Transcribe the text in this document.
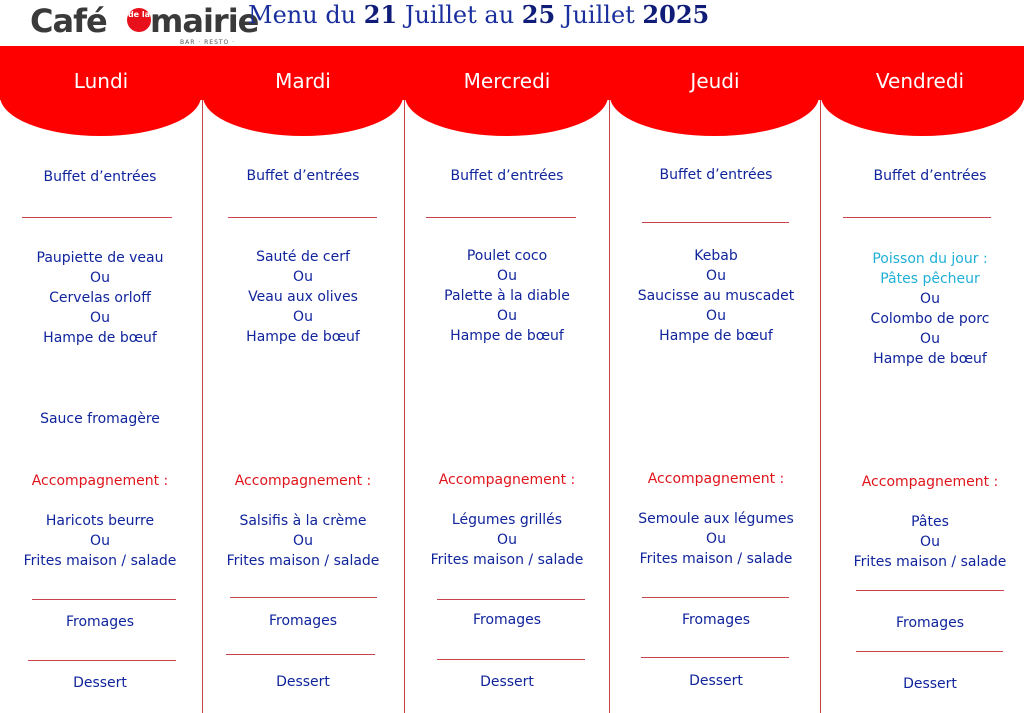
Café	de la mairie
BAR · RESTO ·
Menu du 21 Juillet au 25 Juillet 2025
Lundi	Mardi	Mercredi	Jeudi	Vendredi
Buffet d’entrées
Paupiette de veau
Ou
Cervelas orloff
Ou
Hampe de bœuf
Sauce fromagère
Accompagnement :
Haricots beurre
Ou
Frites maison / salade
Fromages
Dessert
Buffet d’entrées
Sauté de cerf
Ou
Veau aux olives
Ou
Hampe de bœuf
Accompagnement :
Salsifis à la crème
Ou
Frites maison / salade
Fromages
Dessert
Buffet d’entrées
Poulet coco
Ou
Palette à la diable
Ou
Hampe de bœuf
Accompagnement :
Légumes grillés
Ou
Frites maison / salade
Fromages
Dessert
Buffet d’entrées
Kebab
Ou
Saucisse au muscadet
Ou
Hampe de bœuf
Accompagnement :
Semoule aux légumes
Ou
Frites maison / salade
Fromages
Dessert
Buffet d’entrées
Poisson du jour :
Pâtes pêcheur
Ou
Colombo de porc
Ou
Hampe de bœuf
Accompagnement :
Pâtes
Ou
Frites maison / salade
Fromages
Dessert
